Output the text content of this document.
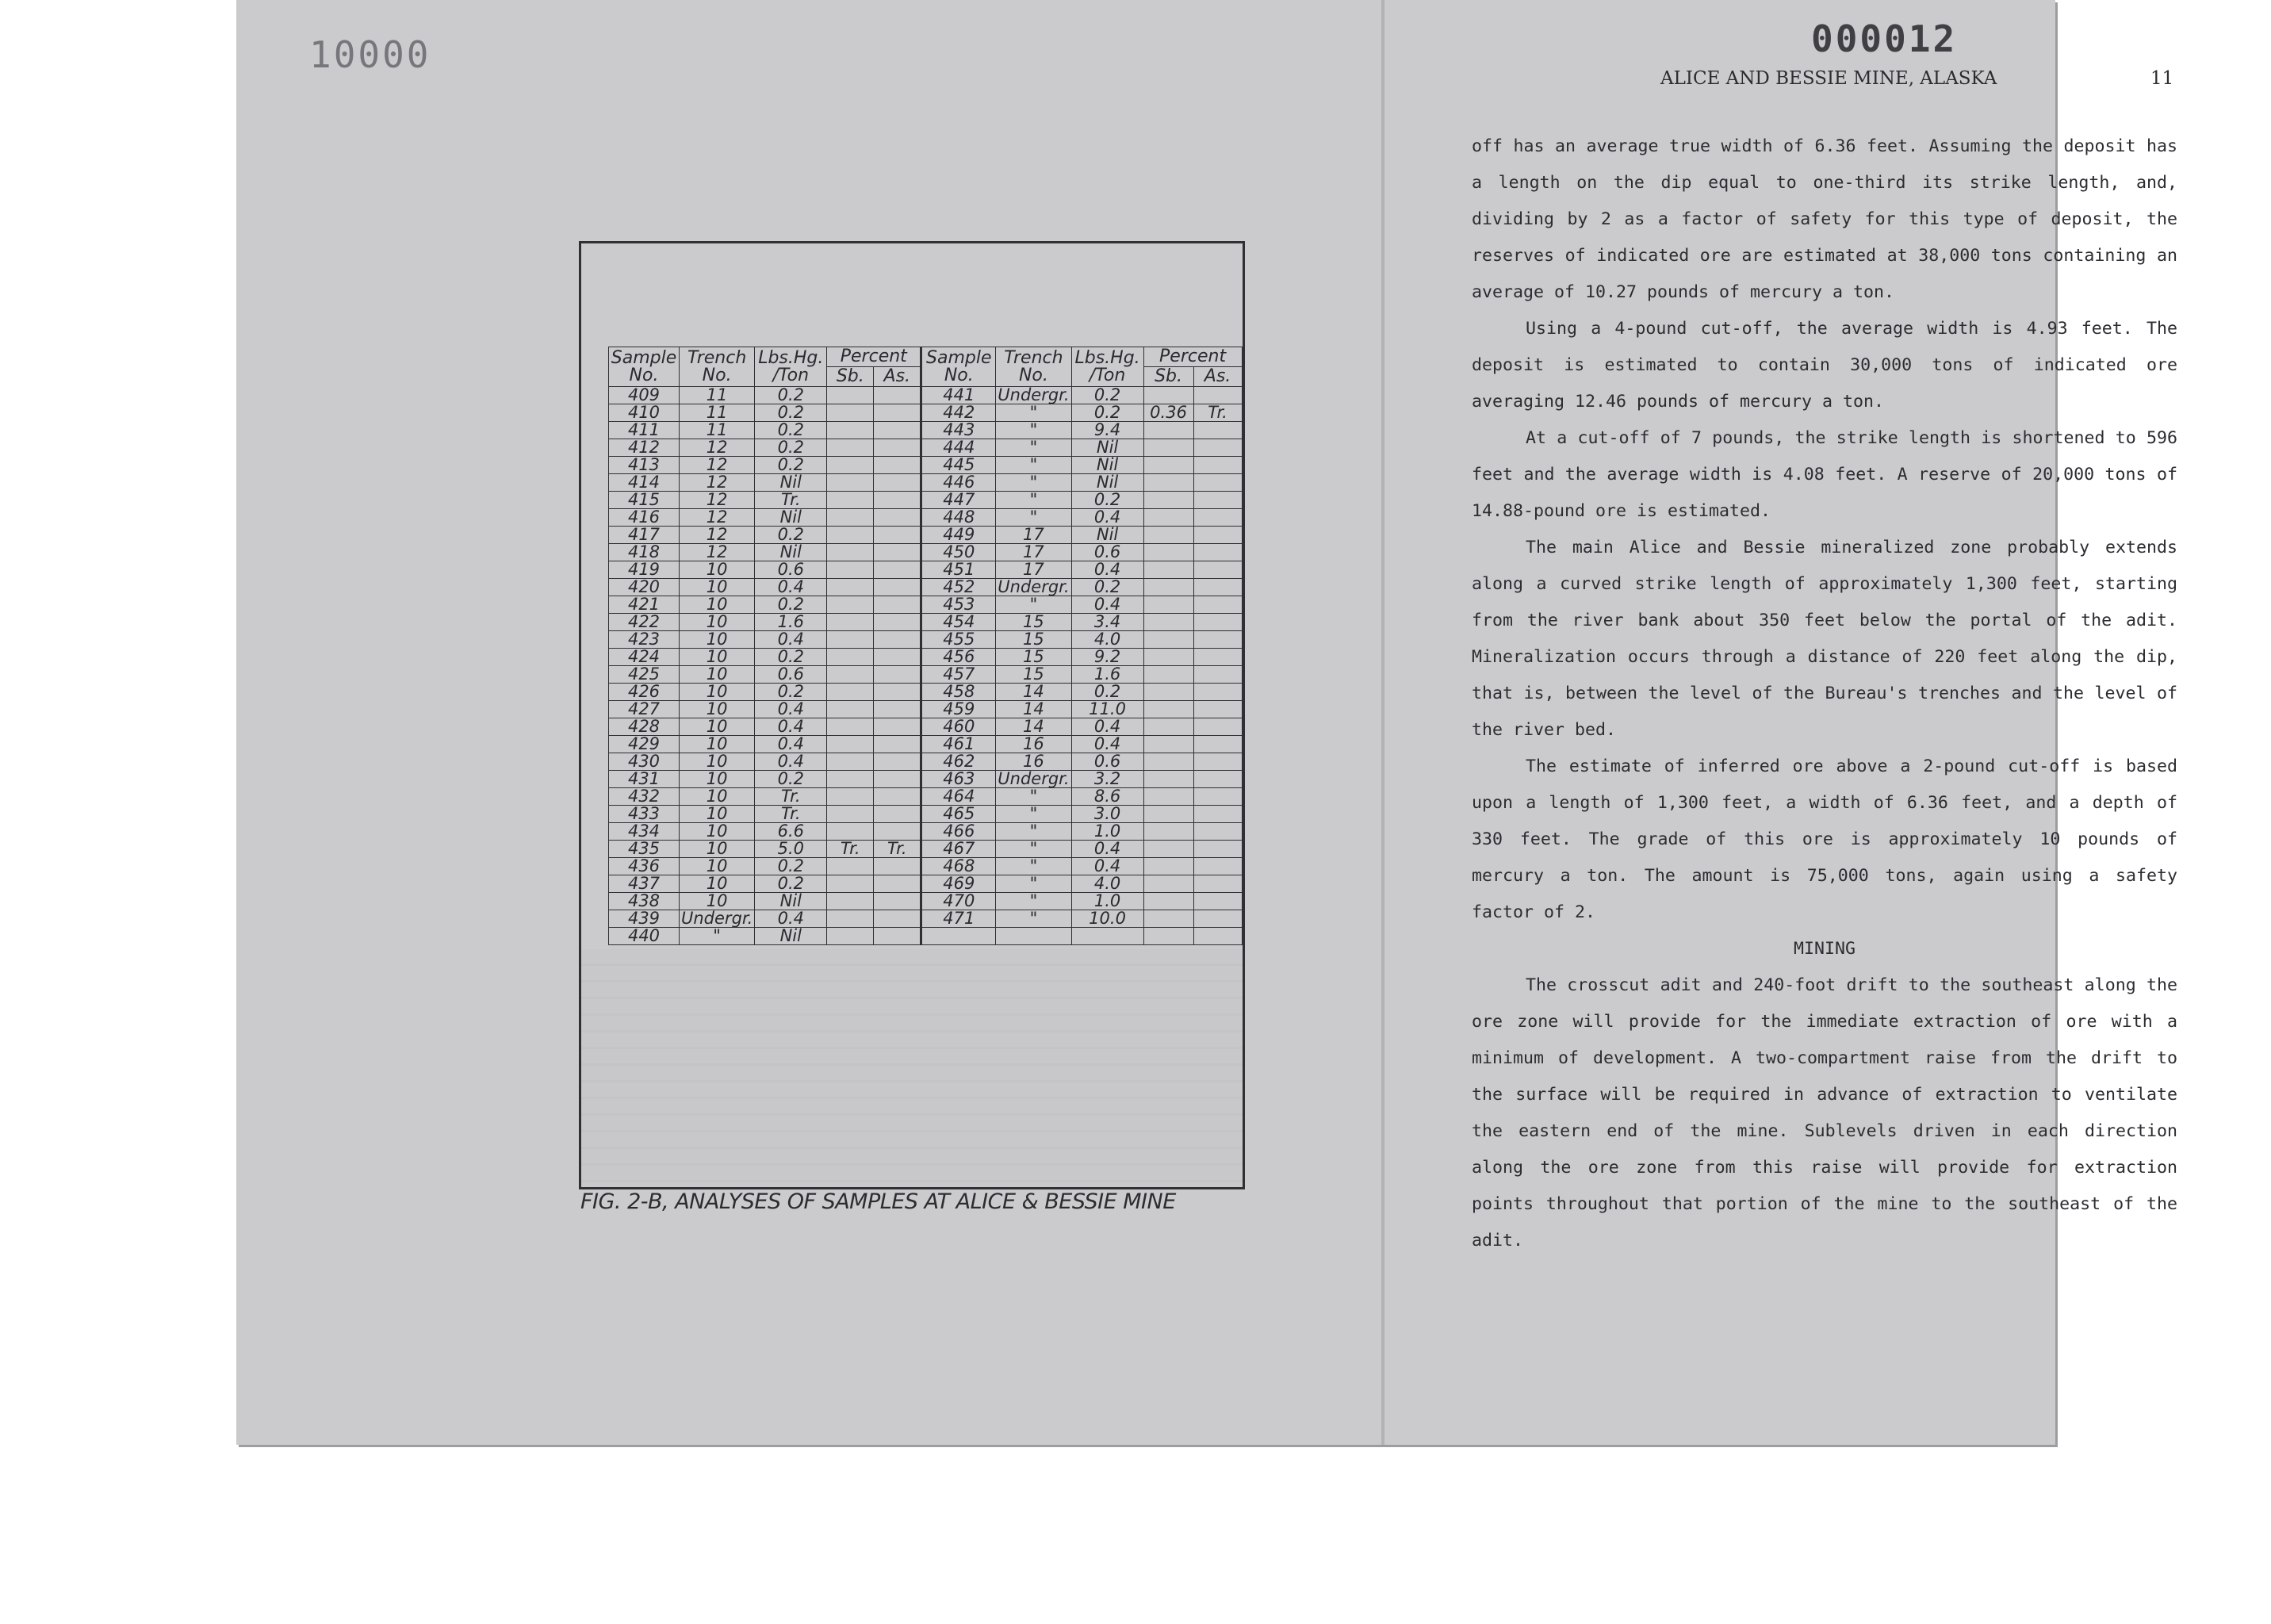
10000
Sample
No.	Trench
No.	Lbs.Hg.
/Ton	Percent		Sample
No.	Trench
No.	Lbs.Hg.
/Ton	Percent	
			Sb.	As.				Sb.	As.
409	11	0.2			441	Undergr.	0.2		
410	11	0.2			442	"	0.2	0.36	Tr.
411	11	0.2			443	"	9.4		
412	12	0.2			444	"	Nil		
413	12	0.2			445	"	Nil		
414	12	Nil			446	"	Nil		
415	12	Tr.			447	"	0.2		
416	12	Nil			448	"	0.4		
417	12	0.2			449	17	Nil		
418	12	Nil			450	17	0.6		
419	10	0.6			451	17	0.4		
420	10	0.4			452	Undergr.	0.2		
421	10	0.2			453	"	0.4		
422	10	1.6			454	15	3.4		
423	10	0.4			455	15	4.0		
424	10	0.2			456	15	9.2		
425	10	0.6			457	15	1.6		
426	10	0.2			458	14	0.2		
427	10	0.4			459	14	11.0		
428	10	0.4			460	14	0.4		
429	10	0.4			461	16	0.4		
430	10	0.4			462	16	0.6		
431	10	0.2			463	Undergr.	3.2		
432	10	Tr.			464	"	8.6		
433	10	Tr.			465	"	3.0		
434	10	6.6			466	"	1.0		
435	10	5.0	Tr.	Tr.	467	"	0.4		
436	10	0.2			468	"	0.4		
437	10	0.2			469	"	4.0		
438	10	Nil			470	"	1.0		
439	Undergr.	0.4			471	"	10.0		
440	"	Nil							
FIG. 2-B, ANALYSES OF SAMPLES AT ALICE & BESSIE MINE
ALICE AND BESSIE MINE, ALASKA	11

off has an average true width of 6.36 feet. Assuming the deposit has a length on the dip equal to one-third its strike length, and, dividing by 2 as a factor of safety for this type of deposit, the reserves of indicated ore are estimated at 38,000 tons containing an average of 10.27 pounds of mercury a ton.

Using a 4-pound cut-off, the average width is 4.93 feet. The deposit is estimated to contain 30,000 tons of indicated ore averaging 12.46 pounds of mercury a ton.

At a cut-off of 7 pounds, the strike length is shortened to 596 feet and the average width is 4.08 feet. A reserve of 20,000 tons of 14.88-pound ore is estimated.

The main Alice and Bessie mineralized zone probably extends along a curved strike length of approximately 1,300 feet, starting from the river bank about 350 feet below the portal of the adit. Mineralization occurs through a distance of 220 feet along the dip, that is, between the level of the Bureau's trenches and the level of the river bed.

The estimate of inferred ore above a 2-pound cut-off is based upon a length of 1,300 feet, a width of 6.36 feet, and a depth of 330 feet. The grade of this ore is approximately 10 pounds of mercury a ton. The amount is 75,000 tons, again using a safety factor of 2.

MINING

The crosscut adit and 240-foot drift to the southeast along the ore zone will provide for the immediate extraction of ore with a minimum of development. A two-compartment raise from the drift to the surface will be required in advance of extraction to ventilate the eastern end of the mine. Sublevels driven in each direction along the ore zone from this raise will provide for extraction points throughout that portion of the mine to the southeast of the adit.

000012
